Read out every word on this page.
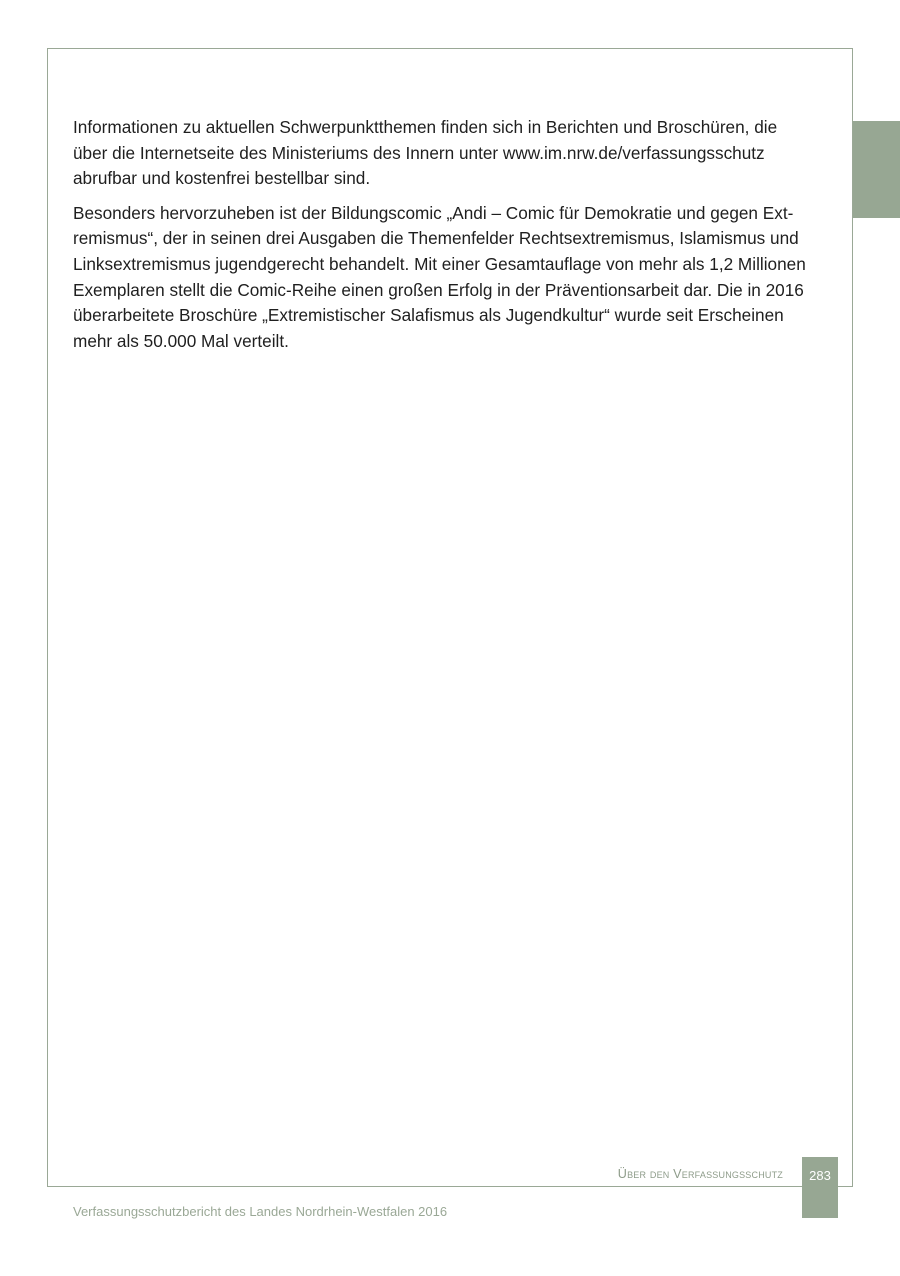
Informationen zu aktuellen Schwerpunktthemen finden sich in Berichten und Broschüren, die
über die Internetseite des Ministeriums des Innern unter www.im.nrw.de/verfassungsschutz
abrufbar und kostenfrei bestellbar sind.

Besonders hervorzuheben ist der Bildungscomic „Andi – Comic für Demokratie und gegen Ext-
remismus“, der in seinen drei Ausgaben die Themenfelder Rechtsextremismus, Islamismus und
Linksextremismus jugendgerecht behandelt. Mit einer Gesamtauflage von mehr als 1,2 Millionen
Exemplaren stellt die Comic-Reihe einen großen Erfolg in der Präventionsarbeit dar. Die in 2016
überarbeitete Broschüre „Extremistischer Salafismus als Jugendkultur“ wurde seit Erscheinen
mehr als 50.000 Mal verteilt.

Über den Verfassungsschutz	283
Verfassungsschutzbericht des Landes Nordrhein-Westfalen 2016
